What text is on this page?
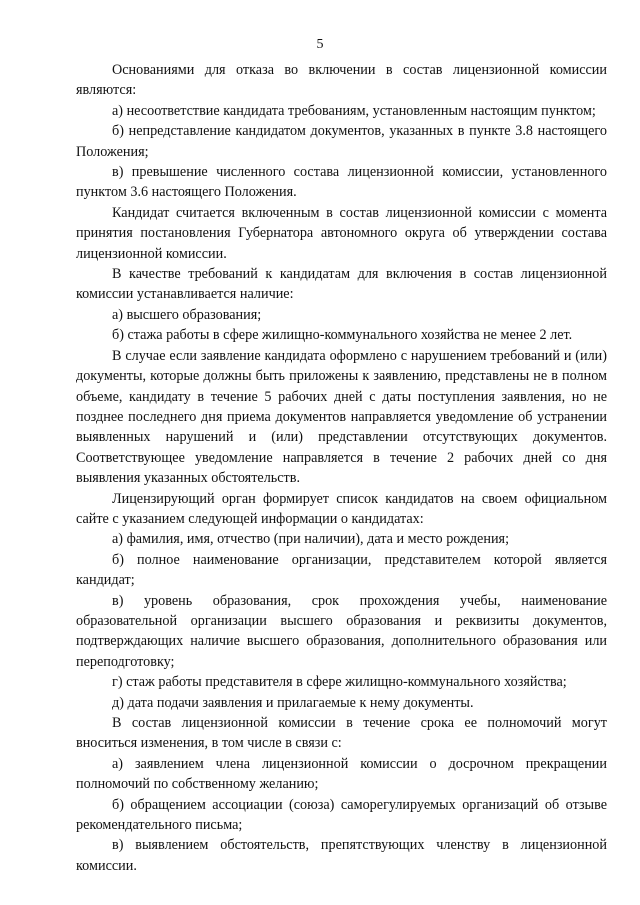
5

Основаниями для отказа во включении в состав лицензионной комиссии являются:

а) несоответствие кандидата требованиям, установленным настоящим пунктом;

б) непредставление кандидатом документов, указанных в пункте 3.8 настоящего Положения;

в) превышение численного состава лицензионной комиссии, установленного пунктом 3.6 настоящего Положения.

Кандидат считается включенным в состав лицензионной комиссии с момента принятия постановления Губернатора автономного округа об утверждении состава лицензионной комиссии.

В качестве требований к кандидатам для включения в состав лицензионной комиссии устанавливается наличие:

а) высшего образования;

б) стажа работы в сфере жилищно-коммунального хозяйства не менее 2 лет.

В случае если заявление кандидата оформлено с нарушением требований и (или) документы, которые должны быть приложены к заявлению, представлены не в полном объеме, кандидату в течение 5 рабочих дней с даты поступления заявления, но не позднее последнего дня приема документов направляется уведомление об устранении выявленных нарушений и (или) представлении отсутствующих документов. Соответствующее уведомление направляется в течение 2 рабочих дней со дня выявления указанных обстоятельств.

Лицензирующий орган формирует список кандидатов на своем официальном сайте с указанием следующей информации о кандидатах:

а) фамилия, имя, отчество (при наличии), дата и место рождения;

б) полное наименование организации, представителем которой является кандидат;

в) уровень образования, срок прохождения учебы, наименование образовательной организации высшего образования и реквизиты документов, подтверждающих наличие высшего образования, дополнительного образования или переподготовку;

г) стаж работы представителя в сфере жилищно-коммунального хозяйства;

д) дата подачи заявления и прилагаемые к нему документы.

В состав лицензионной комиссии в течение срока ее полномочий могут вноситься изменения, в том числе в связи с:

а) заявлением члена лицензионной комиссии о досрочном прекращении полномочий по собственному желанию;

б) обращением ассоциации (союза) саморегулируемых организаций об отзыве рекомендательного письма;

в) выявлением обстоятельств, препятствующих членству в лицензионной комиссии.
